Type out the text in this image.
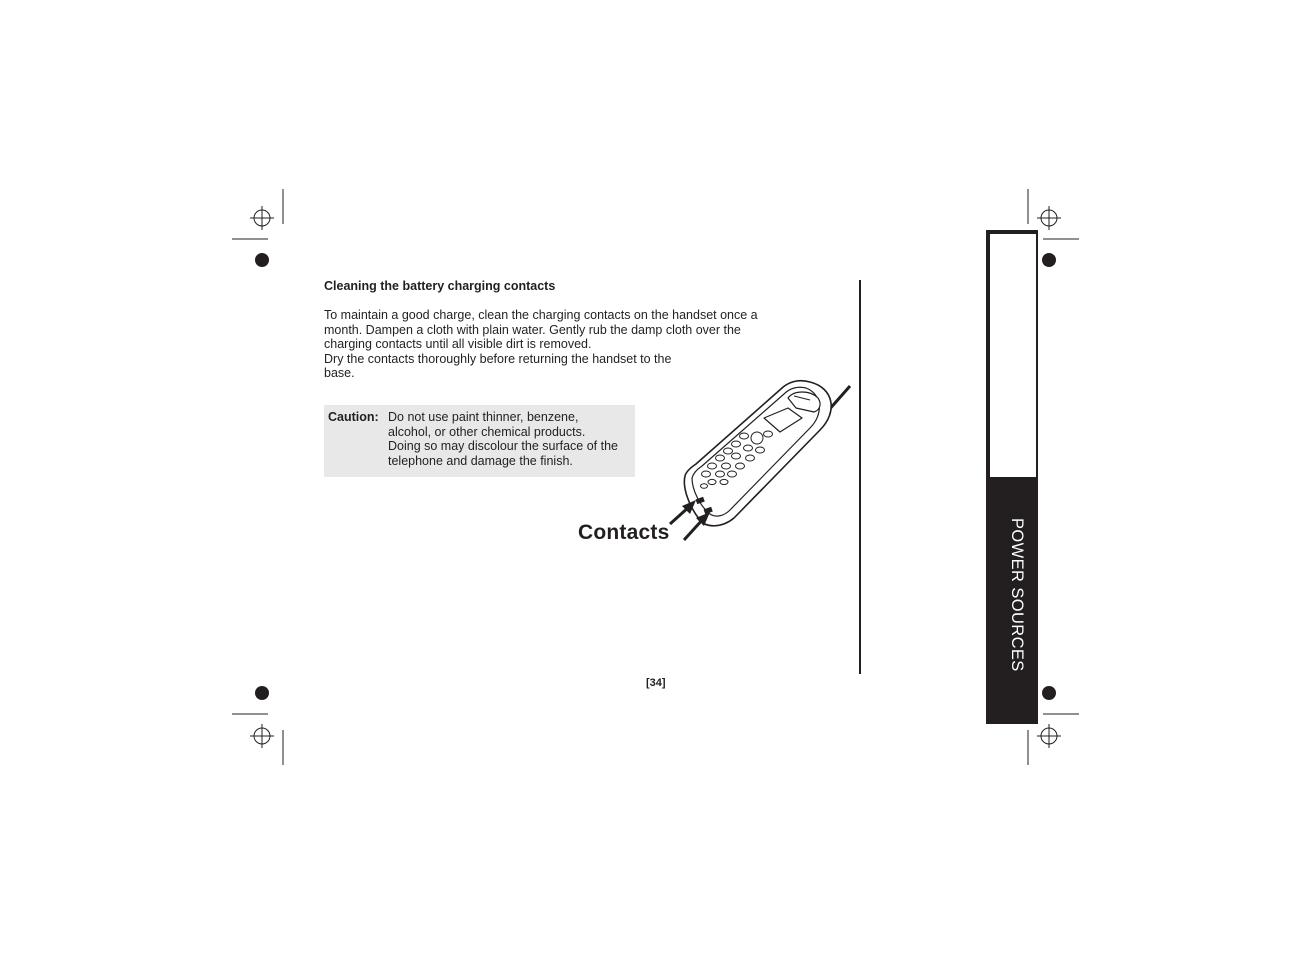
Cleaning the battery charging contacts

To maintain a good charge, clean the charging contacts on the handset once a
month. Dampen a cloth with plain water. Gently rub the damp cloth over the
charging contacts until all visible dirt is removed.
Dry the contacts thoroughly before returning the handset to the
base.

Caution: Do not use paint thinner, benzene,
alcohol, or other chemical products.
Doing so may discolour the surface of the
telephone and damage the finish.

Contacts

[34]

POWER SOURCES
